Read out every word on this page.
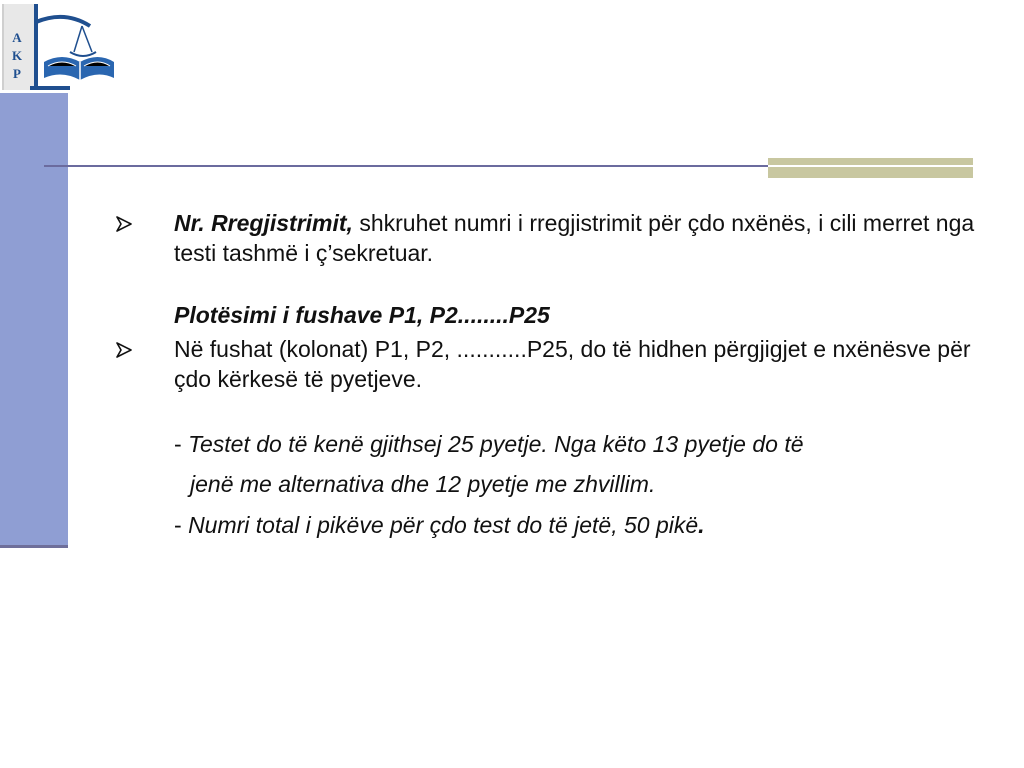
A
K
P
Nr. Rregjistrimit, shkruhet numri i rregjistrimit për çdo nxënës, i cili merret nga testi tashmë i ç’sekretuar.
Plotësimi i fushave P1, P2........P25
Në fushat (kolonat) P1, P2, ...........P25, do të hidhen përgjigjet e nxënësve për çdo kërkesë të pyetjeve.
- Testet do të kenë gjithsej 25 pyetje. Nga këto 13 pyetje do të
jenë me alternativa dhe 12 pyetje me zhvillim.
- Numri total i pikëve për çdo test do të jetë, 50 pikë.
